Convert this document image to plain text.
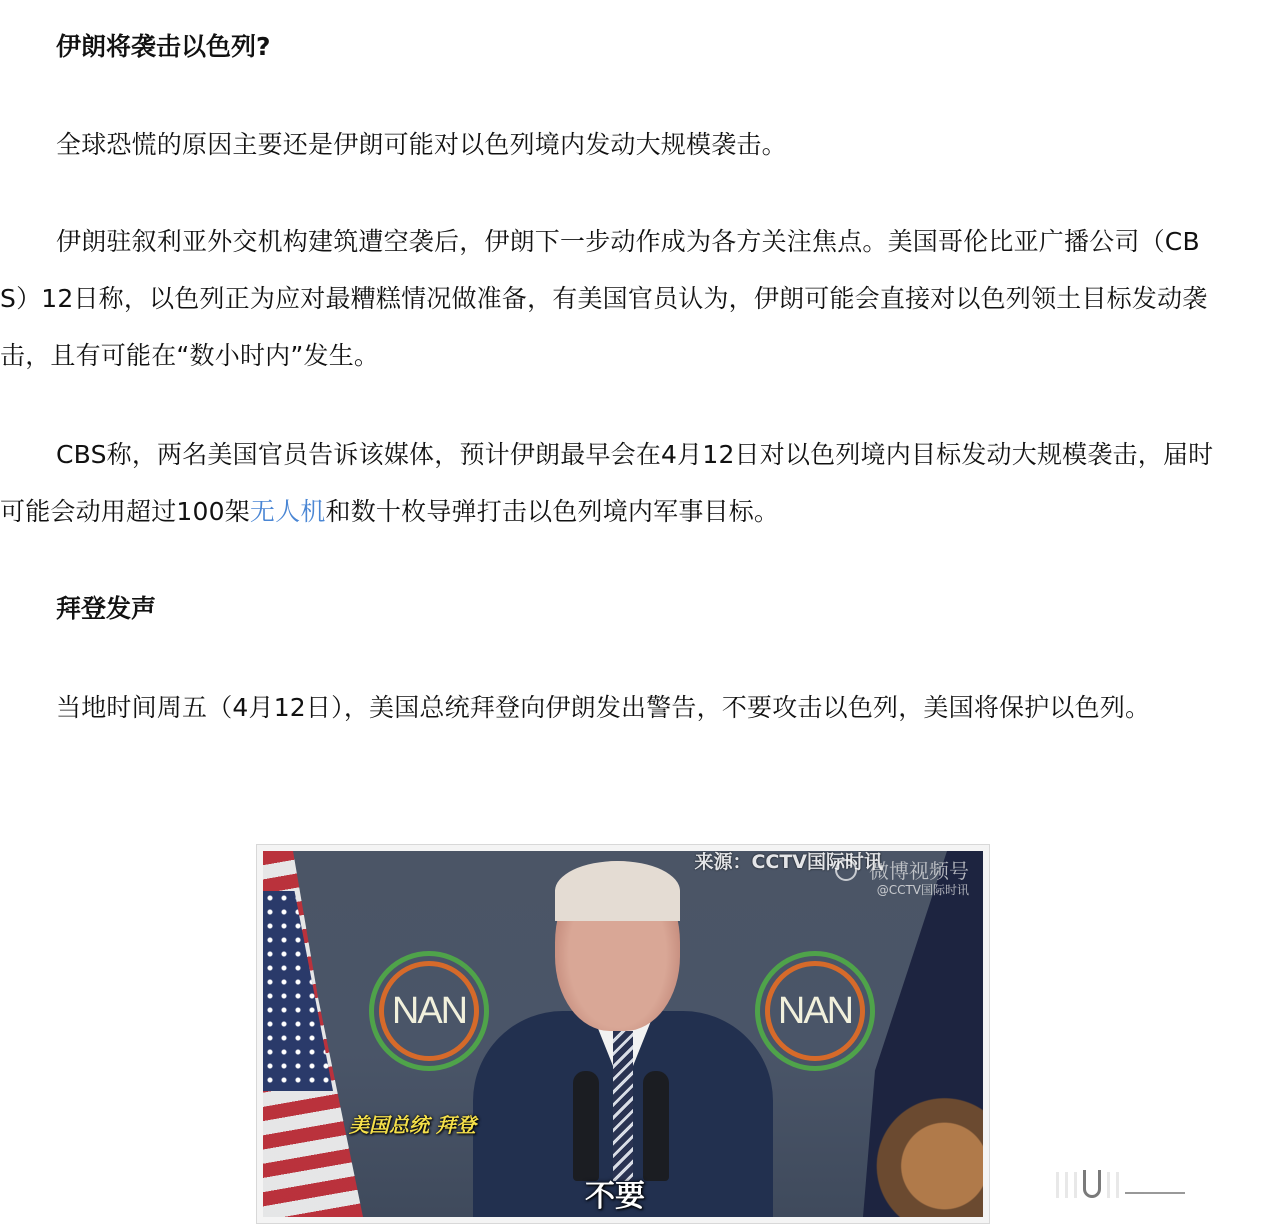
伊朗将袭击以色列?

全球恐慌的原因主要还是伊朗可能对以色列境内发动大规模袭击。

伊朗驻叙利亚外交机构建筑遭空袭后，伊朗下一步动作成为各方关注焦点。美国哥伦比亚广播公司（CBS）12日称，以色列正为应对最糟糕情况做准备，有美国官员认为，伊朗可能会直接对以色列领土目标发动袭击，且有可能在“数小时内”发生。

CBS称，两名美国官员告诉该媒体，预计伊朗最早会在4月12日对以色列境内目标发动大规模袭击，届时可能会动用超过100架无人机和数十枚导弹打击以色列境内军事目标。

拜登发声

当地时间周五（4月12日），美国总统拜登向伊朗发出警告，不要攻击以色列，美国将保护以色列。

NAN	NAN
来源：CCTV国际时讯
微博视频号
@CCTV国际时讯
美国总统 拜登
不要
